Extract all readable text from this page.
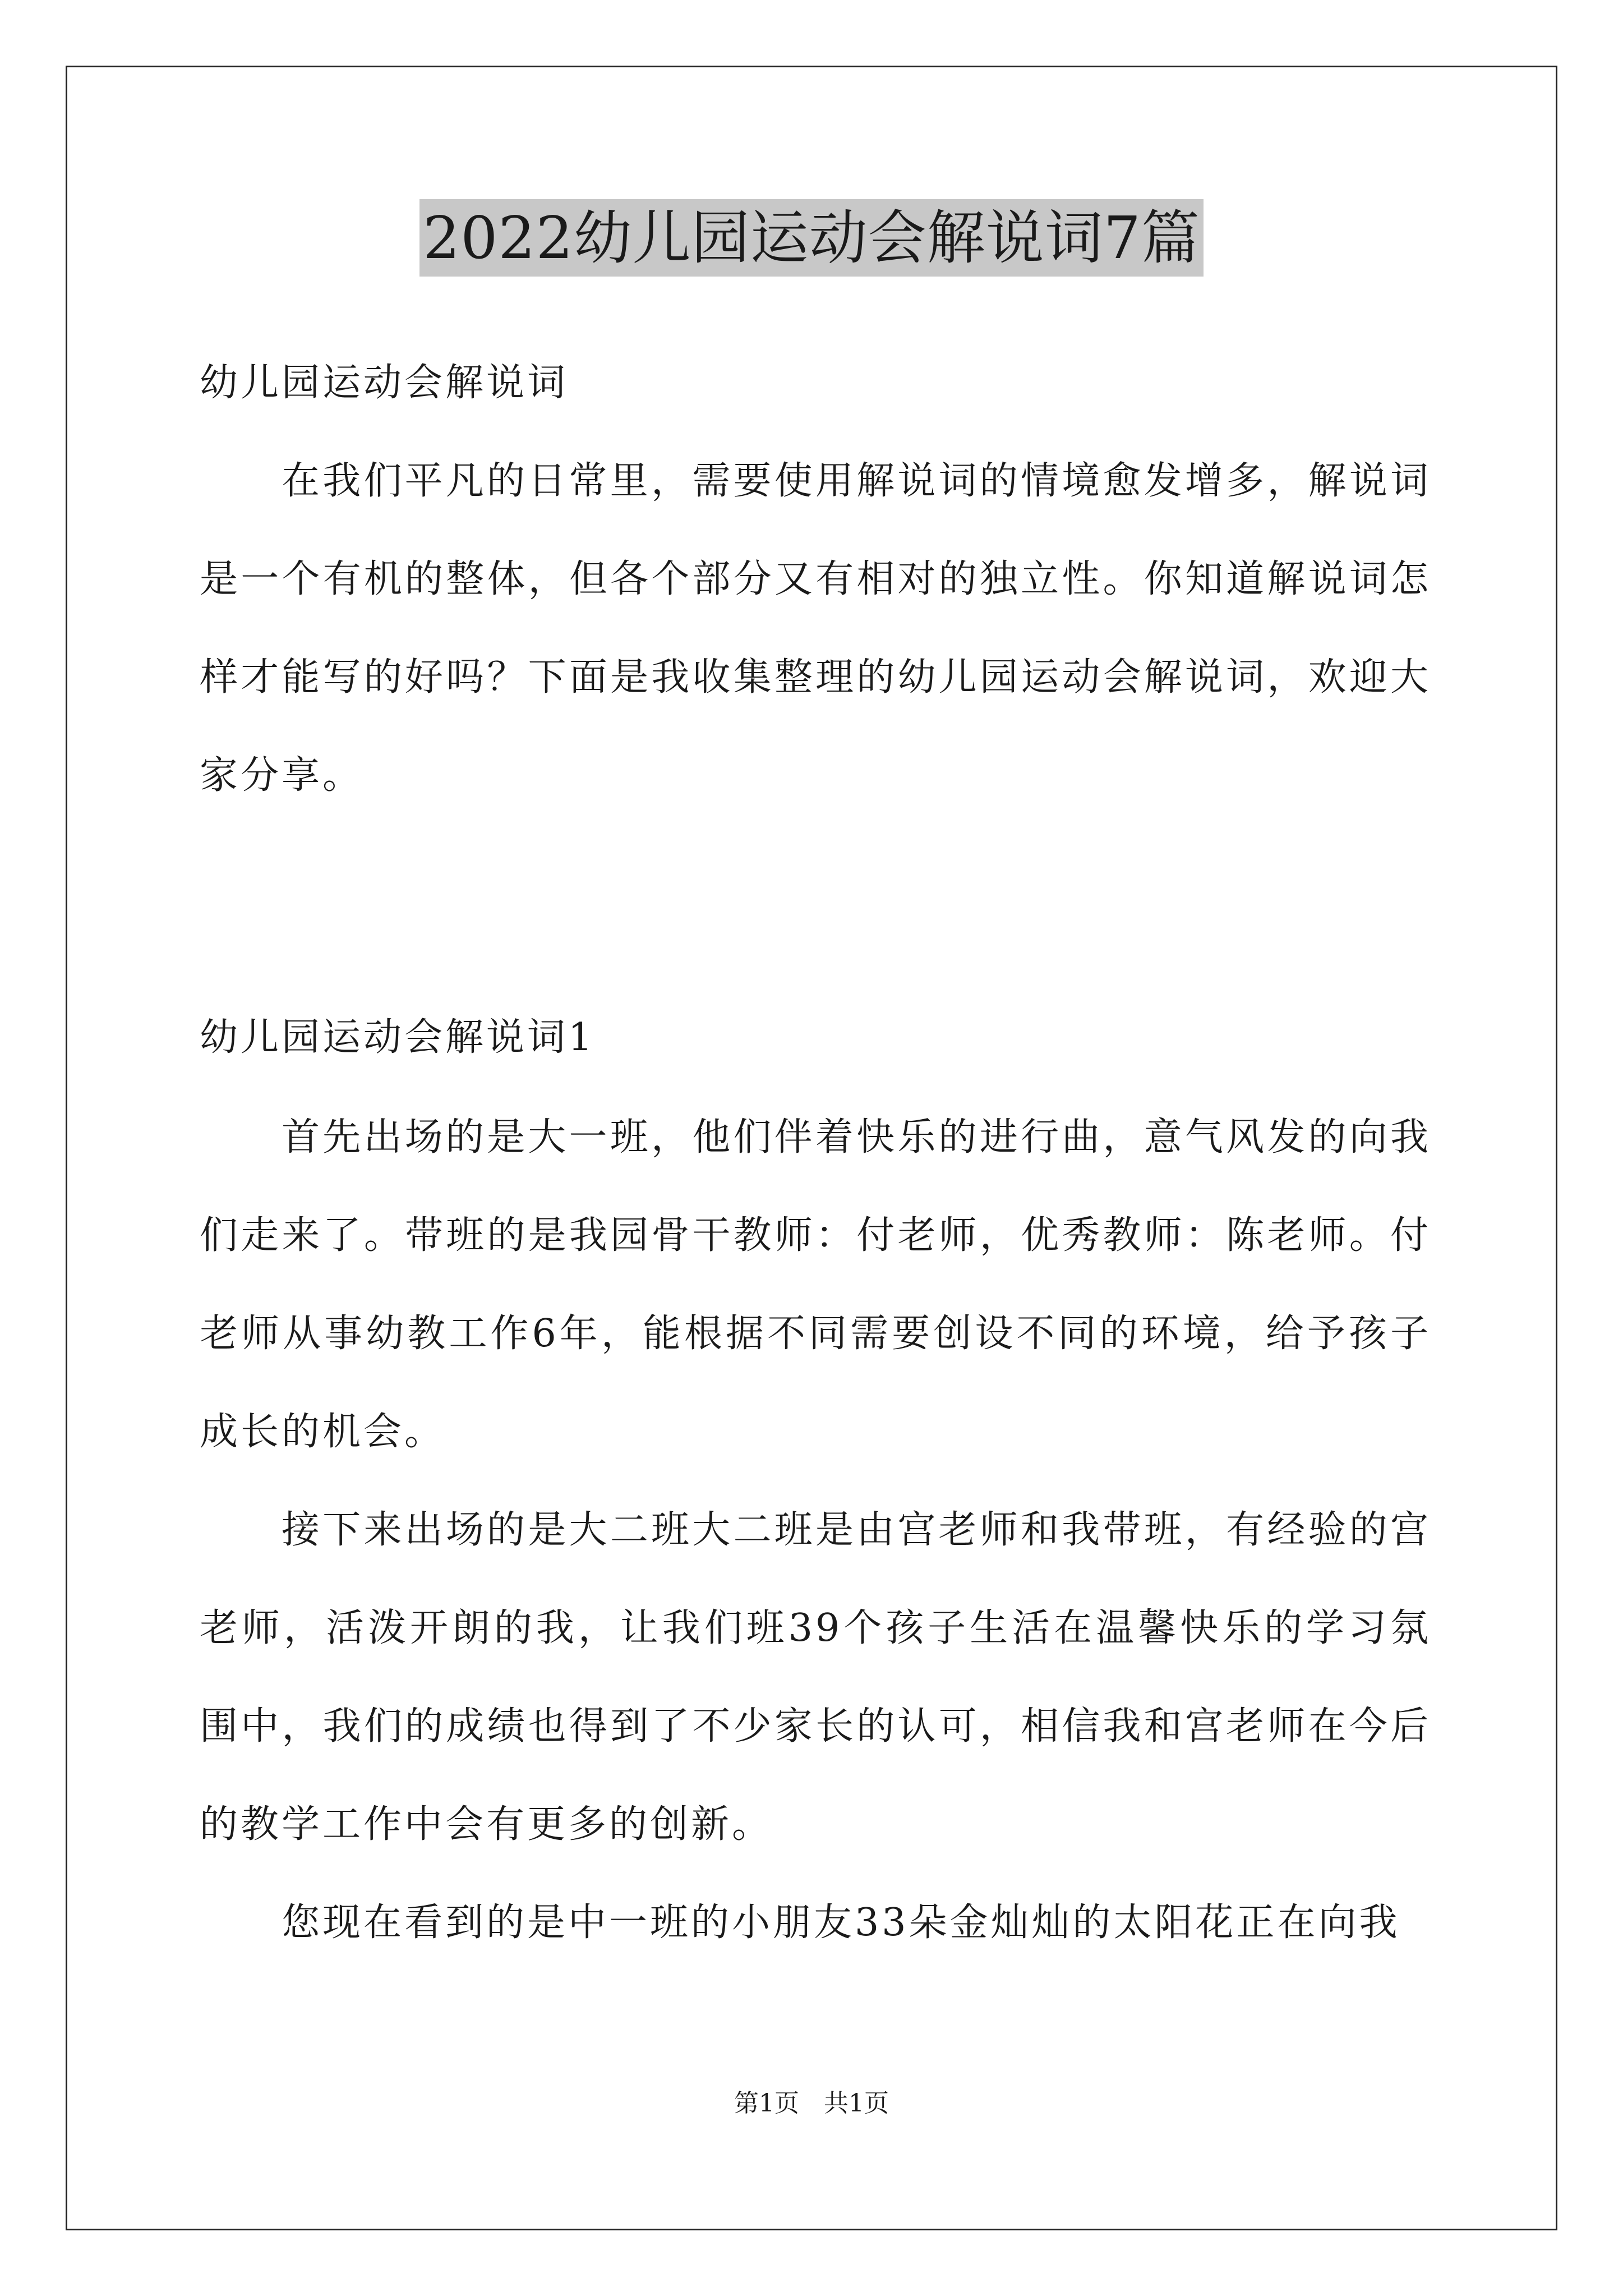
2022幼儿园运动会解说词7篇
幼儿园运动会解说词
在我们平凡的日常里，需要使用解说词的情境愈发增多，解说词是一个有机的整体，但各个部分又有相对的独立性。你知道解说词怎样才能写的好吗？下面是我收集整理的幼儿园运动会解说词，欢迎大家分享。
幼儿园运动会解说词1
首先出场的是大一班，他们伴着快乐的进行曲，意气风发的向我们走来了。带班的是我园骨干教师：付老师，优秀教师：陈老师。付老师从事幼教工作6年，能根据不同需要创设不同的环境，给予孩子成长的机会。
接下来出场的是大二班大二班是由宫老师和我带班，有经验的宫老师，活泼开朗的我，让我们班39个孩子生活在温馨快乐的学习氛围中，我们的成绩也得到了不少家长的认可，相信我和宫老师在今后的教学工作中会有更多的创新。
您现在看到的是中一班的小朋友33朵金灿灿的太阳花正在向我
第1页　共1页
